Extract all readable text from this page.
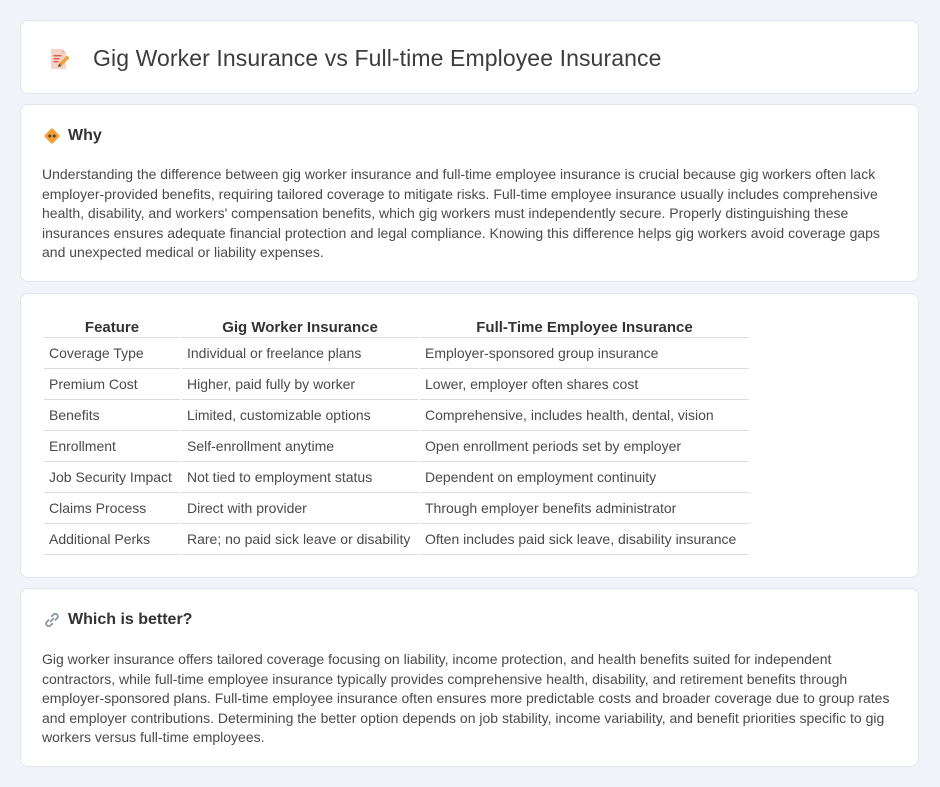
Gig Worker Insurance vs Full-time Employee Insurance
Why

Understanding the difference between gig worker insurance and full-time employee insurance is crucial because gig workers often lack employer-provided benefits, requiring tailored coverage to mitigate risks. Full-time employee insurance usually includes comprehensive health, disability, and workers' compensation benefits, which gig workers must independently secure. Properly distinguishing these insurances ensures adequate financial protection and legal compliance. Knowing this difference helps gig workers avoid coverage gaps and unexpected medical or liability expenses.

Feature	Gig Worker Insurance	Full-Time Employee Insurance
Coverage Type	Individual or freelance plans	Employer-sponsored group insurance
Premium Cost	Higher, paid fully by worker	Lower, employer often shares cost
Benefits	Limited, customizable options	Comprehensive, includes health, dental, vision
Enrollment	Self-enrollment anytime	Open enrollment periods set by employer
Job Security Impact	Not tied to employment status	Dependent on employment continuity
Claims Process	Direct with provider	Through employer benefits administrator
Additional Perks	Rare; no paid sick leave or disability	Often includes paid sick leave, disability insurance
Which is better?

Gig worker insurance offers tailored coverage focusing on liability, income protection, and health benefits suited for independent contractors, while full-time employee insurance typically provides comprehensive health, disability, and retirement benefits through employer-sponsored plans. Full-time employee insurance often ensures more predictable costs and broader coverage due to group rates and employer contributions. Determining the better option depends on job stability, income variability, and benefit priorities specific to gig workers versus full-time employees.
